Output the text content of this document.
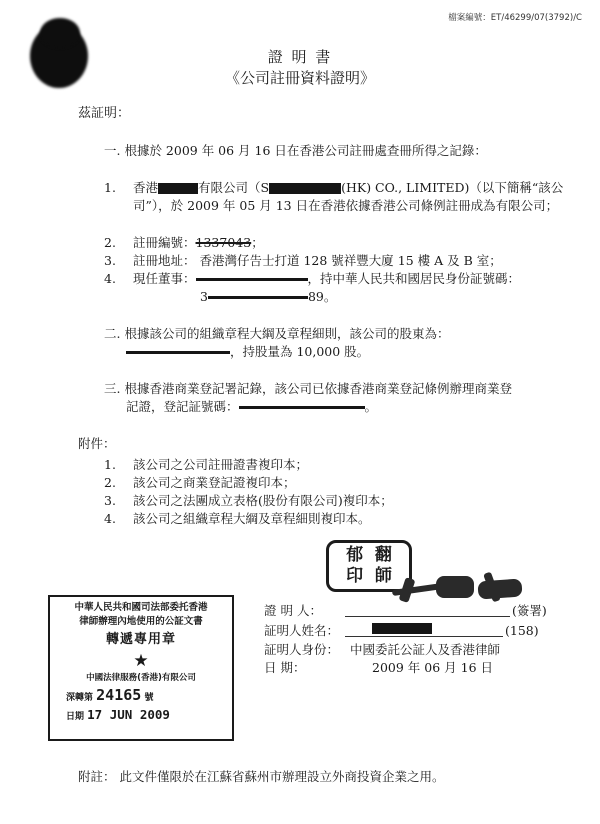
檔案編號：ET/46299/07(3792)/C
證 明 書
《公司註冊資料證明》
茲証明：
一. 根據於 2009 年 06 月 16 日在香港公司註冊處查冊所得之記錄：
1. 香港	有限公司（S	(HK) CO., LIMITED)（以下簡稱“該公
司”），於 2009 年 05 月 13 日在香港依據香港公司條例註冊成為有限公司；
2. 註冊編號：1337043；
3. 註冊地址： 香港灣仔告士打道 128 號祥豐大廈 15 樓 A 及 B 室；
4. 現任董事：	，持中華人民共和國居民身份証號碼：
3	89。
二. 根據該公司的組織章程大綱及章程細則，該公司的股東為：
，持股量為 10,000 股。
三. 根據香港商業登記署記錄，該公司已依據香港商業登記條例辦理商業登
記證，登記証號碼：	。
附件：
1. 該公司之公司註冊證書複印本；
2. 該公司之商業登記證複印本；
3. 該公司之法團成立表格(股份有限公司)複印本；
4. 該公司之組織章程大綱及章程細則複印本。
郁  翻
印  師
中華人民共和國司法部委托香港
律師辦理內地使用的公証文書
轉遞專用章
★
中國法律服務(香港)有限公司
深轉第 24165 號
日期 17 JUN 2009
證 明 人：	(簽署)
証明人姓名：	(158)
証明人身份： 中國委託公証人及香港律師
日 期：	2009 年 06 月 16 日
附註： 此文件僅限於在江蘇省蘇州市辦理設立外商投資企業之用。
